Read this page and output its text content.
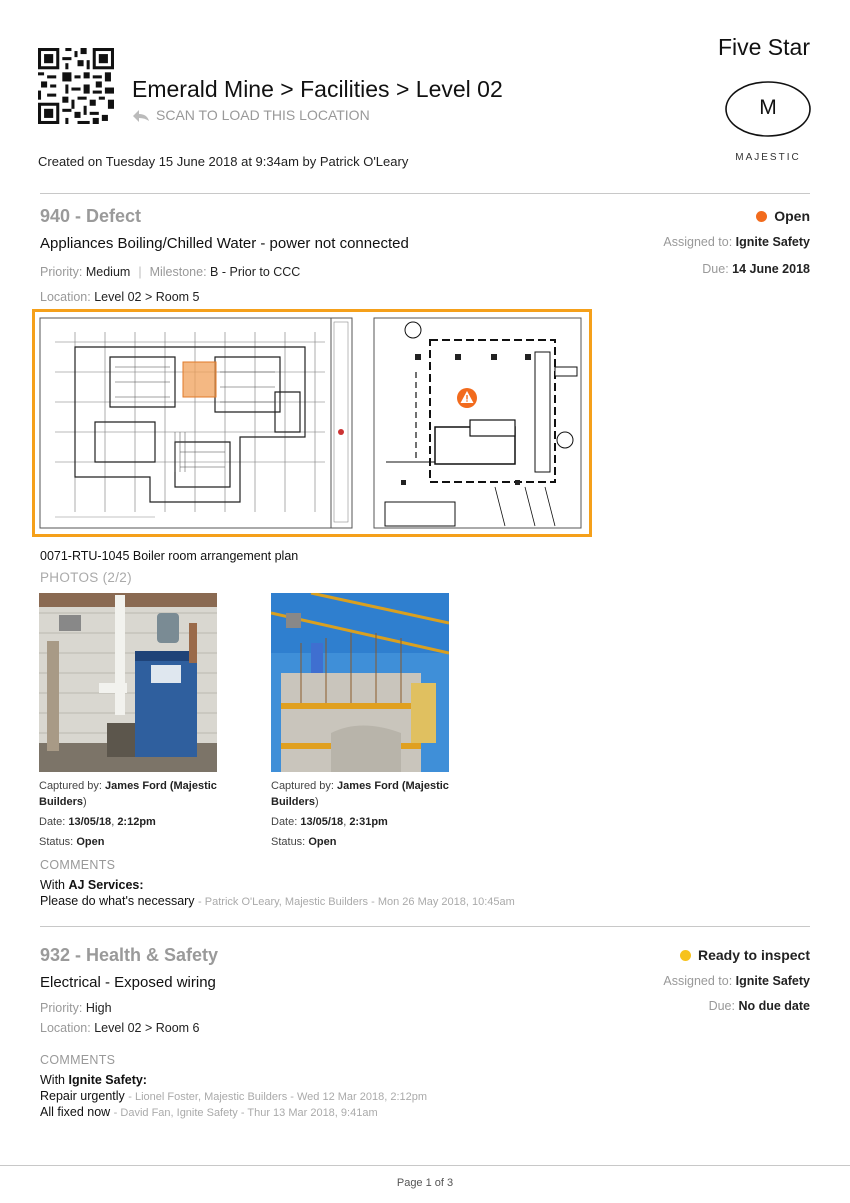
Emerald Mine > Facilities > Level 02
SCAN TO LOAD THIS LOCATION
Created on Tuesday 15 June 2018 at 9:34am by Patrick O'Leary
Five Star
M
MAJESTIC
940 - Defect
Appliances Boiling/Chilled Water - power not connected
Priority: Medium | Milestone: B - Prior to CCC
Location: Level 02 > Room 5
Open
Assigned to: Ignite Safety
Due: 14 June 2018
0071-RTU-1045 Boiler room arrangement plan
PHOTOS (2/2)
Captured by: James Ford (Majestic
Builders)
Date: 13/05/18, 2:12pm
Status: Open
Captured by: James Ford (Majestic
Builders)
Date: 13/05/18, 2:31pm
Status: Open
COMMENTS
With AJ Services:
Please do what's necessary - Patrick O'Leary, Majestic Builders - Mon 26 May 2018, 10:45am
932 - Health & Safety
Electrical - Exposed wiring
Priority: High
Location: Level 02 > Room 6
Ready to inspect
Assigned to: Ignite Safety
Due: No due date
COMMENTS
With Ignite Safety:
Repair urgently - Lionel Foster, Majestic Builders - Wed 12 Mar 2018, 2:12pm
All fixed now - David Fan, Ignite Safety - Thur 13 Mar 2018, 9:41am
Page 1 of 3
